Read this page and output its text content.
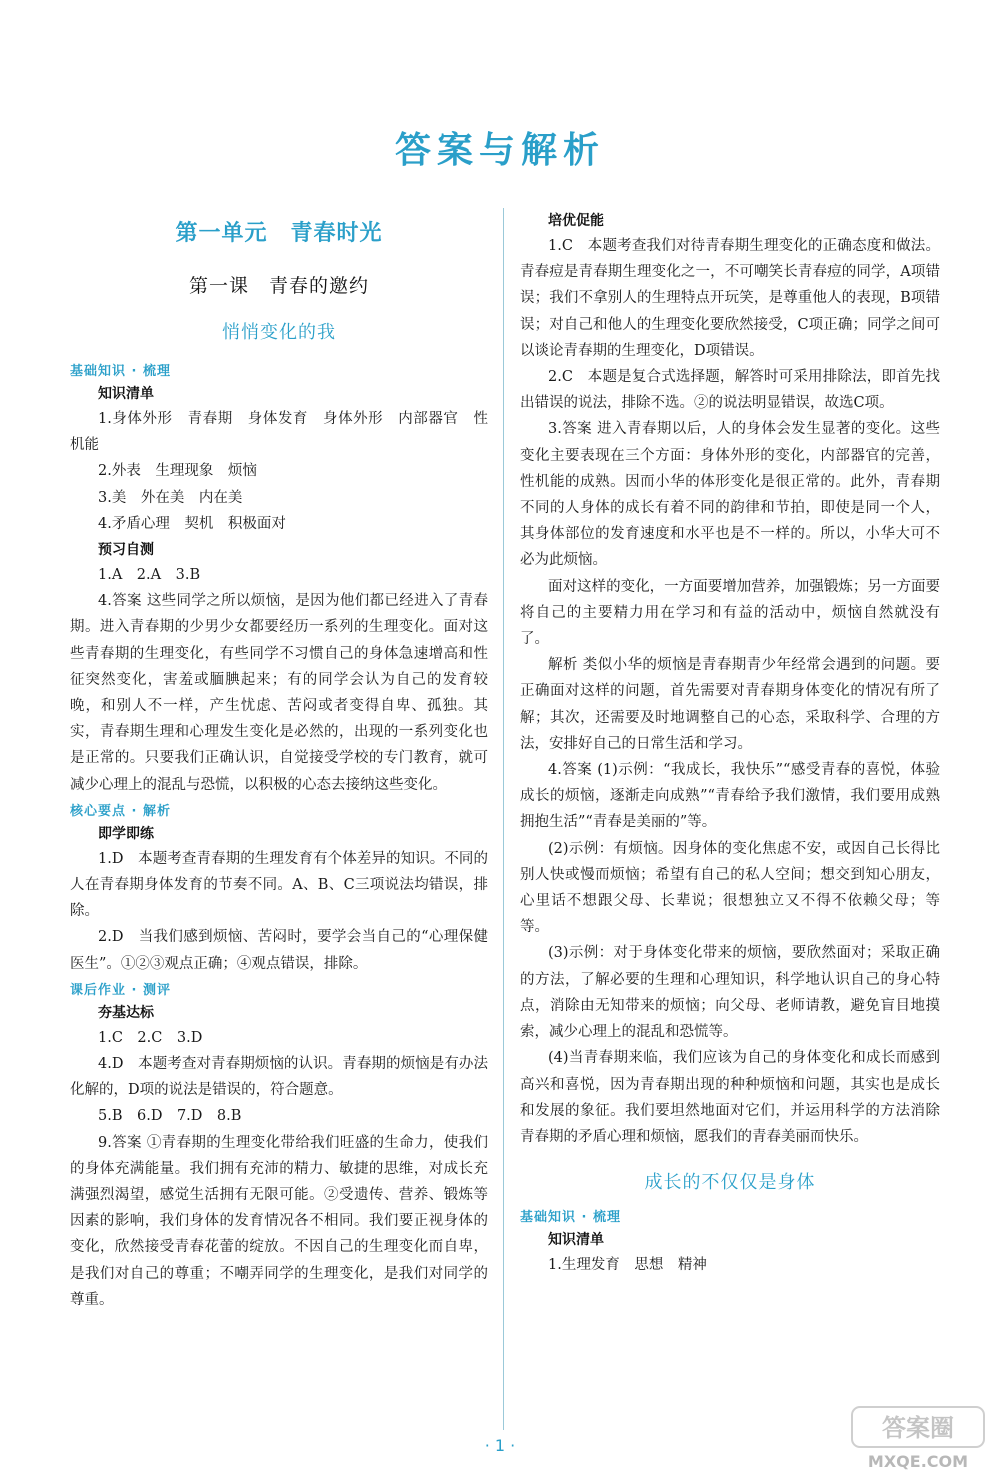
答案与解析
第一单元　青春时光
第一课　青春的邀约
悄悄变化的我
基础知识 · 梳理
知识清单

1.身体外形　青春期　身体发育　身体外形　内部器官　性机能

2.外表　生理现象　烦恼

3.美　外在美　内在美

4.矛盾心理　契机　积极面对

预习自测

1.A　2.A　3.B

4.答案 这些同学之所以烦恼，是因为他们都已经进入了青春期。进入青春期的少男少女都要经历一系列的生理变化。面对这些青春期的生理变化，有些同学不习惯自己的身体急速增高和性征突然变化，害羞或腼腆起来；有的同学会认为自己的发育较晚，和别人不一样，产生忧虑、苦闷或者变得自卑、孤独。其实，青春期生理和心理发生变化是必然的，出现的一系列变化也是正常的。只要我们正确认识，自觉接受学校的专门教育，就可减少心理上的混乱与恐慌，以积极的心态去接纳这些变化。

核心要点 · 解析
即学即练

1.D　本题考查青春期的生理发育有个体差异的知识。不同的人在青春期身体发育的节奏不同。A、B、C三项说法均错误，排除。

2.D　当我们感到烦恼、苦闷时，要学会当自己的“心理保健医生”。①②③观点正确；④观点错误，排除。

课后作业 · 测评
夯基达标

1.C　2.C　3.D

4.D　本题考查对青春期烦恼的认识。青春期的烦恼是有办法化解的，D项的说法是错误的，符合题意。

5.B　6.D　7.D　8.B

9.答案 ①青春期的生理变化带给我们旺盛的生命力，使我们的身体充满能量。我们拥有充沛的精力、敏捷的思维，对成长充满强烈渴望，感觉生活拥有无限可能。②受遗传、营养、锻炼等因素的影响，我们身体的发育情况各不相同。我们要正视身体的变化，欣然接受青春花蕾的绽放。不因自己的生理变化而自卑，是我们对自己的尊重；不嘲弄同学的生理变化，是我们对同学的尊重。

培优促能

1.C　本题考查我们对待青春期生理变化的正确态度和做法。青春痘是青春期生理变化之一，不可嘲笑长青春痘的同学，A项错误；我们不拿别人的生理特点开玩笑，是尊重他人的表现，B项错误；对自己和他人的生理变化要欣然接受，C项正确；同学之间可以谈论青春期的生理变化，D项错误。

2.C　本题是复合式选择题，解答时可采用排除法，即首先找出错误的说法，排除不选。②的说法明显错误，故选C项。

3.答案 进入青春期以后，人的身体会发生显著的变化。这些变化主要表现在三个方面：身体外形的变化，内部器官的完善，性机能的成熟。因而小华的体形变化是很正常的。此外，青春期不同的人身体的成长有着不同的韵律和节拍，即使是同一个人，其身体部位的发育速度和水平也是不一样的。所以，小华大可不必为此烦恼。

面对这样的变化，一方面要增加营养，加强锻炼；另一方面要将自己的主要精力用在学习和有益的活动中，烦恼自然就没有了。

解析 类似小华的烦恼是青春期青少年经常会遇到的问题。要正确面对这样的问题，首先需要对青春期身体变化的情况有所了解；其次，还需要及时地调整自己的心态，采取科学、合理的方法，安排好自己的日常生活和学习。

4.答案 (1)示例：“我成长，我快乐”“感受青春的喜悦，体验成长的烦恼，逐渐走向成熟”“青春给予我们激情，我们要用成熟拥抱生活”“青春是美丽的”等。

(2)示例：有烦恼。因身体的变化焦虑不安，或因自己长得比别人快或慢而烦恼；希望有自己的私人空间；想交到知心朋友，心里话不想跟父母、长辈说；很想独立又不得不依赖父母；等等。

(3)示例：对于身体变化带来的烦恼，要欣然面对；采取正确的方法，了解必要的生理和心理知识，科学地认识自己的身心特点，消除由无知带来的烦恼；向父母、老师请教，避免盲目地摸索，减少心理上的混乱和恐慌等。

(4)当青春期来临，我们应该为自己的身体变化和成长而感到高兴和喜悦，因为青春期出现的种种烦恼和问题，其实也是成长和发展的象征。我们要坦然地面对它们，并运用科学的方法消除青春期的矛盾心理和烦恼，愿我们的青春美丽而快乐。

成长的不仅仅是身体
基础知识 · 梳理
知识清单

1.生理发育　思想　精神

· 1 ·
答案圈
MXQE.COM
